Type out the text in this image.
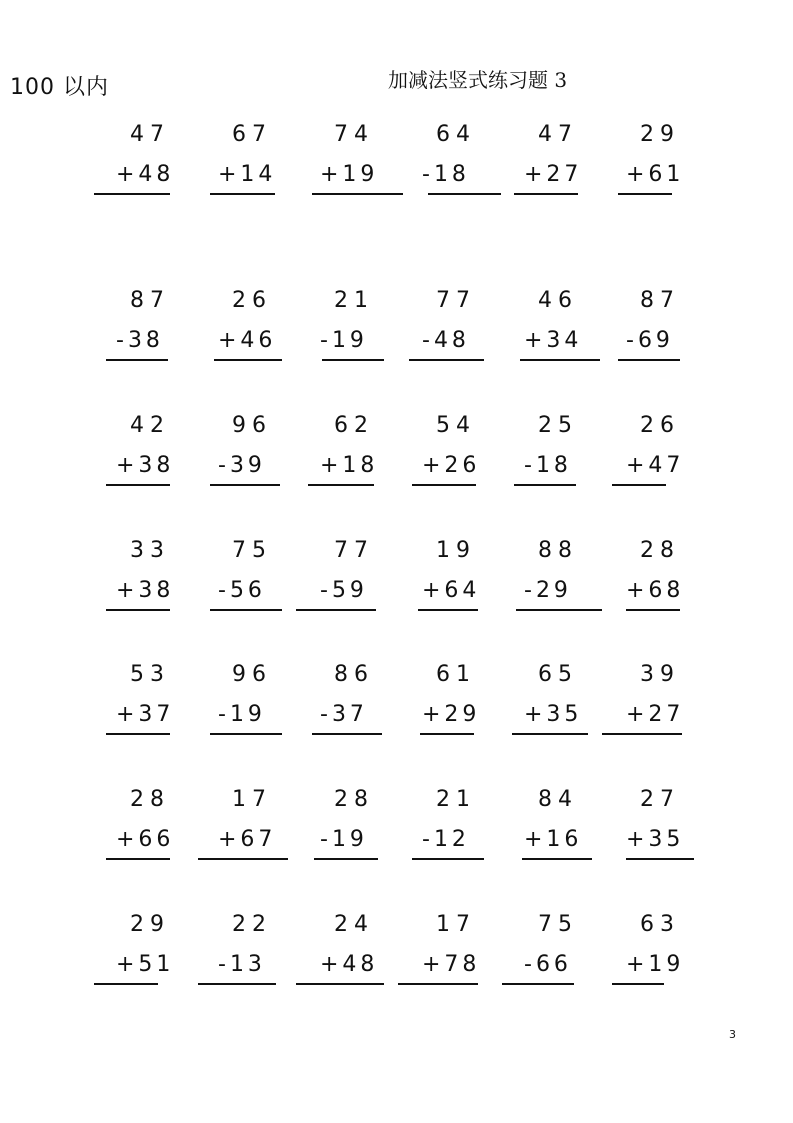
100 以内	加减法竖式练习题 3
47
+48
67
+14
74
+19
64
-18
47
+27
29
+61
87
-38
26
+46
21
-19
77
-48
46
+34
87
-69
42
+38
96
-39
62
+18
54
+26
25
-18
26
+47
33
+38
75
-56
77
-59
19
+64
88
-29
28
+68
53
+37
96
-19
86
-37
61
+29
65
+35
39
+27
28
+66
17
+67
28
-19
21
-12
84
+16
27
+35
29
+51
22
-13
24
+48
17
+78
75
-66
63
+19
3
